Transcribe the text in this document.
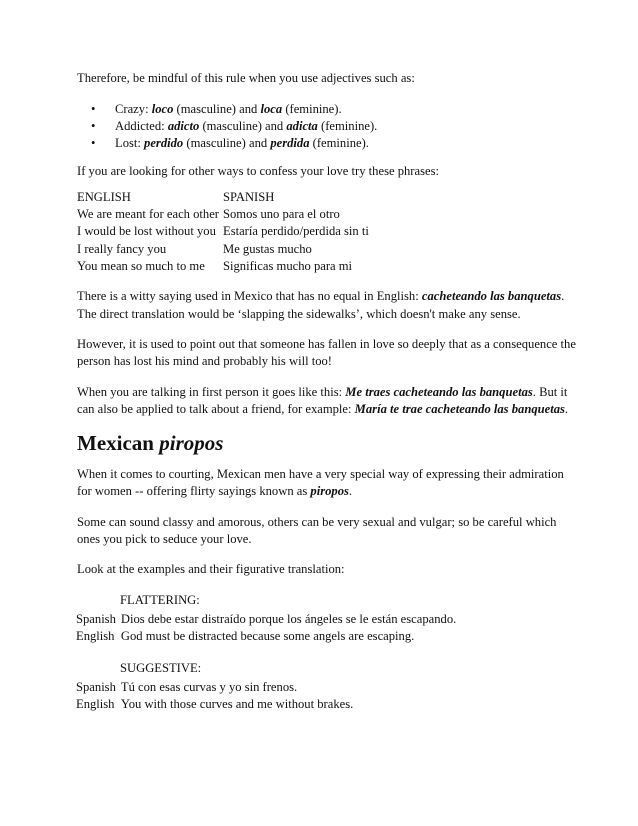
Therefore, be mindful of this rule when you use adjectives such as:

• Crazy: loco (masculine) and loca (feminine).
• Addicted: adicto (masculine) and adicta (feminine).
• Lost: perdido (masculine) and perdida (feminine).

If you are looking for other ways to confess your love try these phrases:

ENGLISH	SPANISH
We are meant for each other	Somos uno para el otro
I would be lost without you	Estaría perdido/perdida sin ti
I really fancy you	Me gustas mucho
You mean so much to me	Significas mucho para mi

There is a witty saying used in Mexico that has no equal in English: cacheteando las banquetas. The direct translation would be ‘slapping the sidewalks’, which doesn't make any sense.

However, it is used to point out that someone has fallen in love so deeply that as a consequence the person has lost his mind and probably his will too!

When you are talking in first person it goes like this: Me traes cacheteando las banquetas. But it can also be applied to talk about a friend, for example: María te trae cacheteando las banquetas.

Mexican piropos

When it comes to courting, Mexican men have a very special way of expressing their admiration for women -- offering flirty sayings known as piropos.

Some can sound classy and amorous, others can be very sexual and vulgar; so be careful which ones you pick to seduce your love.

Look at the examples and their figurative translation:

FLATTERING:

Spanish	Dios debe estar distraído porque los ángeles se le están escapando.
English	God must be distracted because some angels are escaping.

SUGGESTIVE:

Spanish	Tú con esas curvas y yo sin frenos.
English	You with those curves and me without brakes.
